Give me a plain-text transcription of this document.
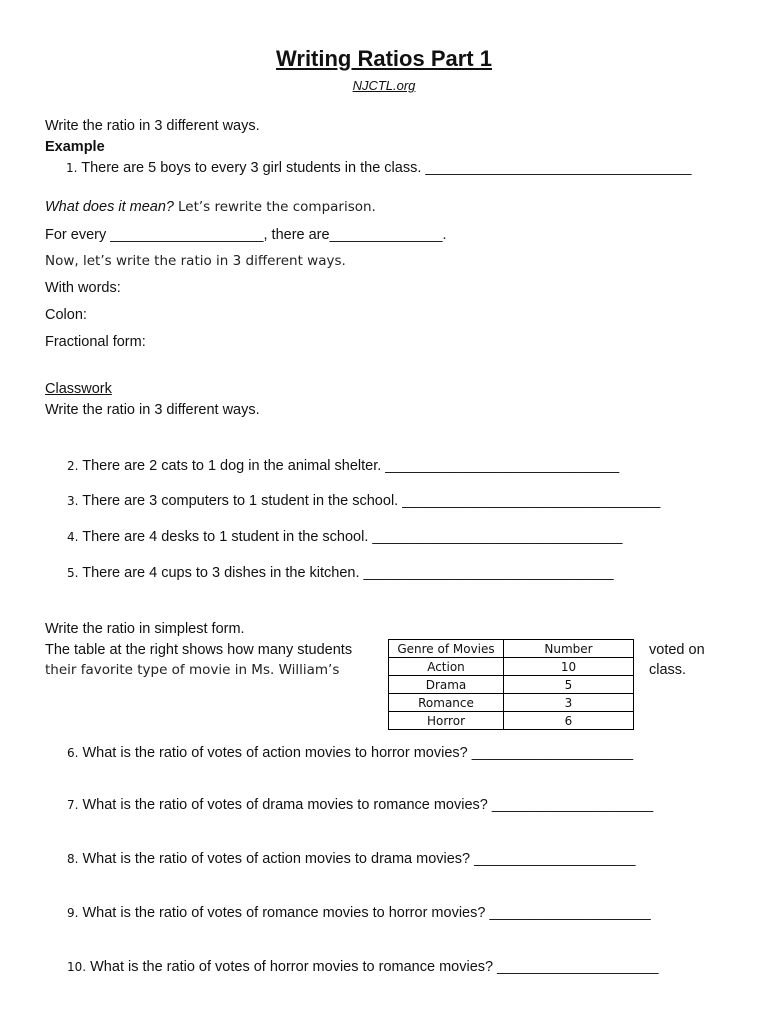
Writing Ratios Part 1
NJCTL.org
Write the ratio in 3 different ways.
Example
1. There are 5 boys to every 3 girl students in the class. _________________________________
What does it mean? Let’s rewrite the comparison.
For every ___________________, there are______________.
Now, let’s write the ratio in 3 different ways.
With words:
Colon:
Fractional form:
Classwork
Write the ratio in 3 different ways.
2. There are 2 cats to 1 dog in the animal shelter. _____________________________
3. There are 3 computers to 1 student in the school. ________________________________
4. There are 4 desks to 1 student in the school. _______________________________
5. There are 4 cups to 3 dishes in the kitchen. _______________________________
Write the ratio in simplest form.
The table at the right shows how many students
their favorite type of movie in Ms. William’s
voted on
class.
Genre of Movies	Number
Action	10
Drama	5
Romance	3
Horror	6
6. What is the ratio of votes of action movies to horror movies? ____________________
7. What is the ratio of votes of drama movies to romance movies? ____________________
8. What is the ratio of votes of action movies to drama movies? ____________________
9. What is the ratio of votes of romance movies to horror movies? ____________________
10. What is the ratio of votes of horror movies to romance movies? ____________________
